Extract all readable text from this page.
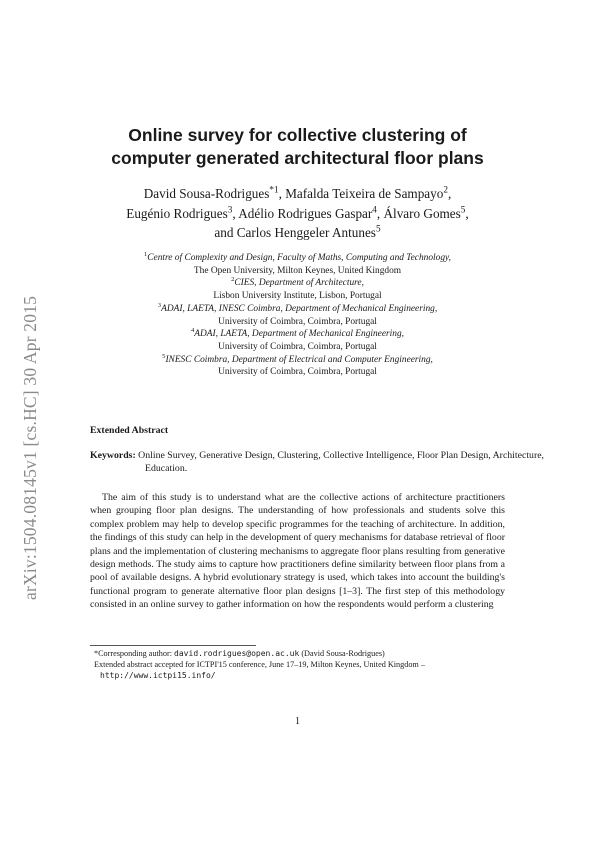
arXiv:1504.08145v1 [cs.HC] 30 Apr 2015
Online survey for collective clustering of
computer generated architectural floor plans
David Sousa-Rodrigues$^{*1}$, Mafalda Teixeira de Sampayo$^2$,
Eugénio Rodrigues$^3$, Adélio Rodrigues Gaspar$^4$, Álvaro Gomes$^5$,
and Carlos Henggeler Antunes$^5$
$^1$Centre of Complexity and Design, Faculty of Maths, Computing and Technology,
The Open University, Milton Keynes, United Kingdom
$^2$CIES, Department of Architecture,
Lisbon University Institute, Lisbon, Portugal
$^3$ADAI, LAETA, INESC Coimbra, Department of Mechanical Engineering,
University of Coimbra, Coimbra, Portugal
$^4$ADAI, LAETA, Department of Mechanical Engineering,
University of Coimbra, Coimbra, Portugal
$^5$INESC Coimbra, Department of Electrical and Computer Engineering,
University of Coimbra, Coimbra, Portugal
Extended Abstract
Keywords: Online Survey, Generative Design, Clustering, Collective Intelligence, Floor Plan Design, Architecture, Education.

The aim of this study is to understand what are the collective actions of architecture practitioners when grouping floor plan designs. The understanding of how professionals and students solve this complex problem may help to develop specific programmes for the teaching of architecture. In addition, the findings of this study can help in the development of query mechanisms for database retrieval of floor plans and the implementation of clustering mechanisms to aggregate floor plans resulting from generative design methods. The study aims to capture how practitioners define similarity between floor plans from a pool of available designs. A hybrid evolutionary strategy is used, which takes into account the building's functional program to generate alternative floor plan designs [1–3]. The first step of this methodology consisted in an online survey to gather information on how the respondents would perform a clustering

*Corresponding author: david.rodrigues@open.ac.uk (David Sousa-Rodrigues)
Extended abstract accepted for ICTPI'15 conference, June 17–19, Milton Keynes, United Kingdom –
http://www.ictpi15.info/
1
